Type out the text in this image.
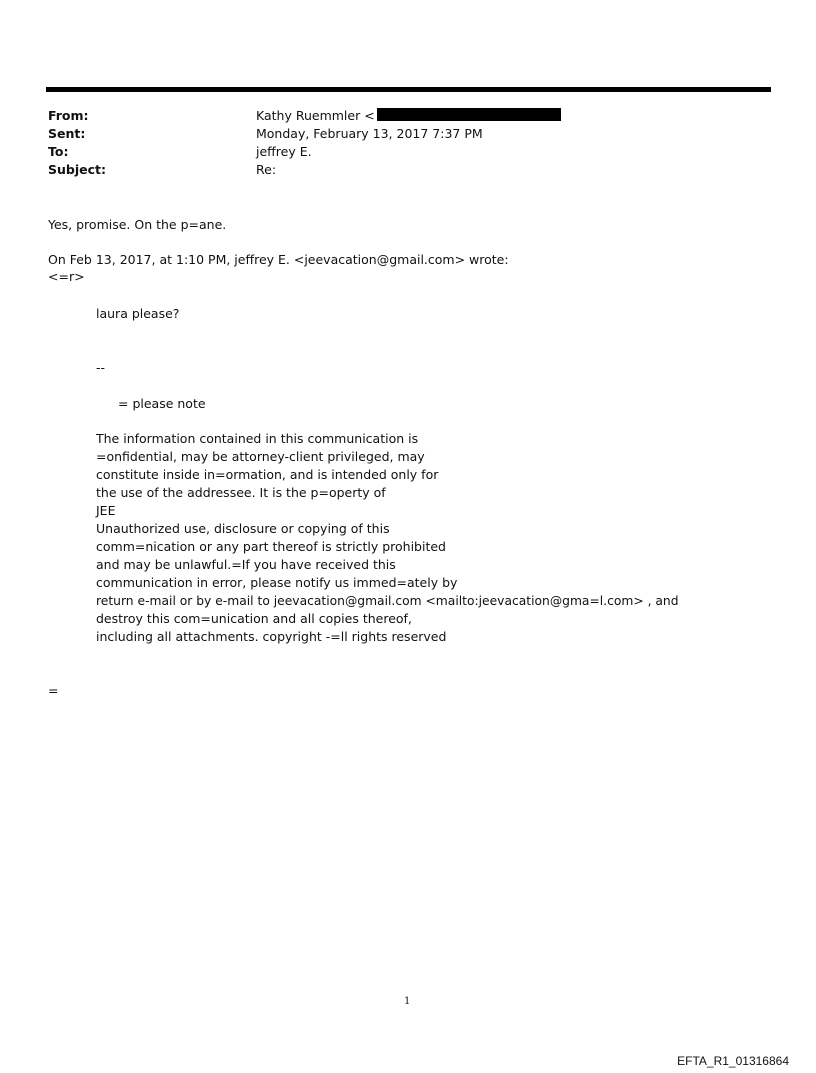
From:	Kathy Ruemmler <
Sent:	Monday, February 13, 2017 7:37 PM
To:	jeffrey E.
Subject:	Re:
Yes, promise. On the p=ane.
On Feb 13, 2017, at 1:10 PM, jeffrey E. <jeevacation@gmail.com> wrote:
<=r>
laura please?
--
= please note
The information contained in this communication is
=onfidential, may be attorney-client privileged, may
constitute inside in=ormation, and is intended only for
the use of the addressee. It is the p=operty of
JEE
Unauthorized use, disclosure or copying of this
comm=nication or any part thereof is strictly prohibited
and may be unlawful.=If you have received this
communication in error, please notify us immed=ately by
return e-mail or by e-mail to jeevacation@gmail.com <mailto:jeevacation@gma=l.com> , and
destroy this com=unication and all copies thereof,
including all attachments. copyright -=ll rights reserved
=
1
EFTA_R1_01316864
